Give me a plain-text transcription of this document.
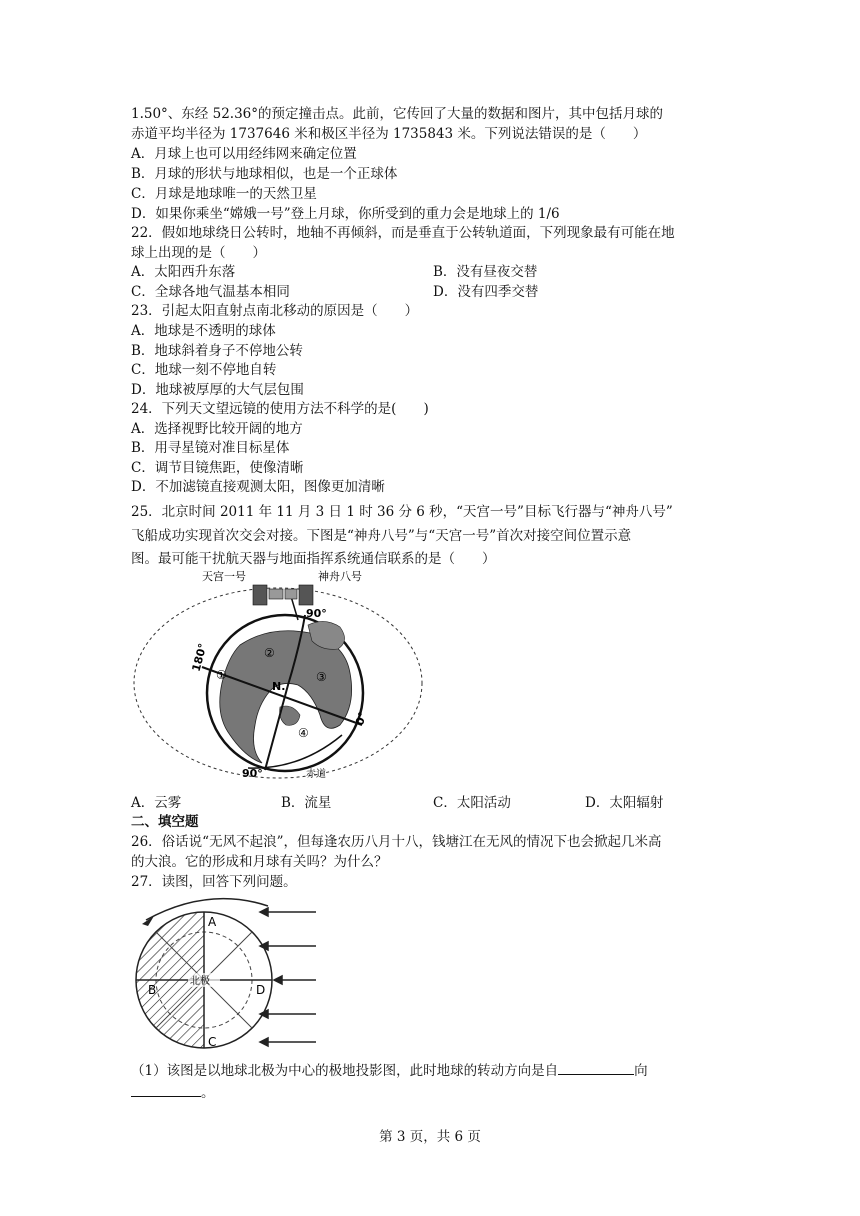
1.50°、东经 52.36°的预定撞击点。此前，它传回了大量的数据和图片，其中包括月球的
赤道平均半径为 1737646 米和极区半径为 1735843 米。下列说法错误的是（　　）
A．月球上也可以用经纬网来确定位置
B．月球的形状与地球相似，也是一个正球体
C．月球是地球唯一的天然卫星
D．如果你乘坐“嫦娥一号”登上月球，你所受到的重力会是地球上的 1/6
22．假如地球绕日公转时，地轴不再倾斜，而是垂直于公转轨道面，下列现象最有可能在地
球上出现的是（　　）
A．太阳西升东落	B．没有昼夜交替
C．全球各地气温基本相同	D．没有四季交替
23．引起太阳直射点南北移动的原因是（　　）
A．地球是不透明的球体
B．地球斜着身子不停地公转
C．地球一刻不停地自转
D．地球被厚厚的大气层包围
24．下列天文望远镜的使用方法不科学的是(　　)
A．选择视野比较开阔的地方
B．用寻星镜对准目标星体
C．调节目镜焦距，使像清晰
D．不加滤镜直接观测太阳，图像更加清晰
25．北京时间 2011 年 11 月 3 日 1 时 36 分 6 秒，“天宫一号”目标飞行器与“神舟八号”
飞船成功实现首次交会对接。下图是“神舟八号”与“天宫一号”首次对接空间位置示意
图。最可能干扰航天器与地面指挥系统通信联系的是（　　）
天宫一号	神舟八号
90°
180°
0°
90°
N.
赤道
①
②
③
④
A．云雾	B．流星	C．太阳活动	D．太阳辐射
二、填空题
26．俗话说“无风不起浪”，但每逢农历八月十八，钱塘江在无风的情况下也会掀起几米高
的大浪。它的形成和月球有关吗？为什么？
27．读图，回答下列问题。
北极
A
B
C
D
（1）该图是以地球北极为中心的极地投影图，此时地球的转动方向是自	向
。
第 3 页，共 6 页
